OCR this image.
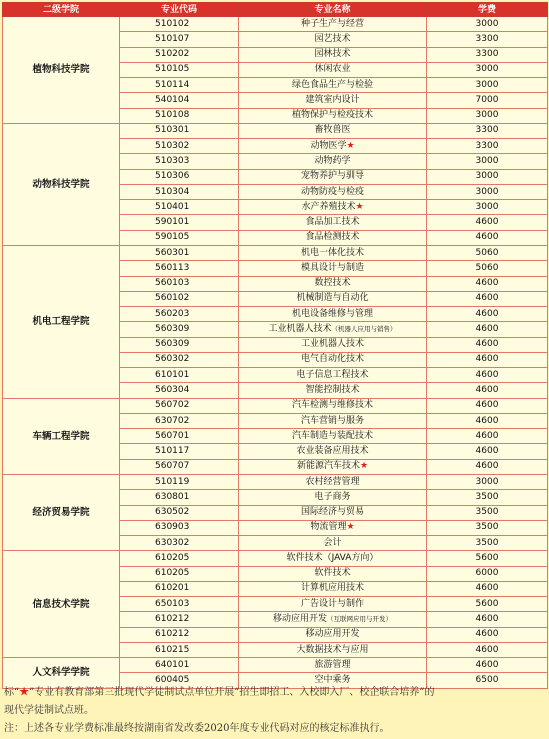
二级学院	专业代码	专业名称	学费
植物科技学院	510102	种子生产与经营	3000
	510107	园艺技术	3300
	510202	园林技术	3300
	510105	休闲农业	3000
	510114	绿色食品生产与检验	3000
	540104	建筑室内设计	7000
	510108	植物保护与检疫技术	3000
动物科技学院	510301	畜牧兽医	3300
	510302	动物医学★	3300
	510303	动物药学	3000
	510306	宠物养护与驯导	3000
	510304	动物防疫与检疫	3000
	510401	水产养殖技术★	3000
	590101	食品加工技术	4600
	590105	食品检测技术	4600
机电工程学院	560301	机电一体化技术	5060
	560113	模具设计与制造	5060
	560103	数控技术	4600
	560102	机械制造与自动化	4600
	560203	机电设备维修与管理	4600
	560309	工业机器人技术（机器人应用与销售）	4600
	560309	工业机器人技术	4600
	560302	电气自动化技术	4600
	610101	电子信息工程技术	4600
	560304	智能控制技术	4600
车辆工程学院	560702	汽车检测与维修技术	4600
	630702	汽车营销与服务	4600
	560701	汽车制造与装配技术	4600
	510117	农业装备应用技术	4600
	560707	新能源汽车技术★	4600
经济贸易学院	510119	农村经营管理	3000
	630801	电子商务	3500
	630502	国际经济与贸易	3500
	630903	物流管理★	3500
	630302	会计	3500
信息技术学院	610205	软件技术（JAVA方向）	5600
	610205	软件技术	6000
	610201	计算机应用技术	4600
	650103	广告设计与制作	5600
	610212	移动应用开发（互联网应用与开发）	4600
	610212	移动应用开发	4600
	610215	大数据技术与应用	4600
人文科学学院	640101	旅游管理	4600
	600405	空中乘务	6500
标“★”专业有教育部第三批现代学徒制试点单位开展“招生即招工、入校即入厂、校企联合培养”的
现代学徒制试点班。
注：上述各专业学费标准最终按湖南省发改委2020年度专业代码对应的核定标准执行。
